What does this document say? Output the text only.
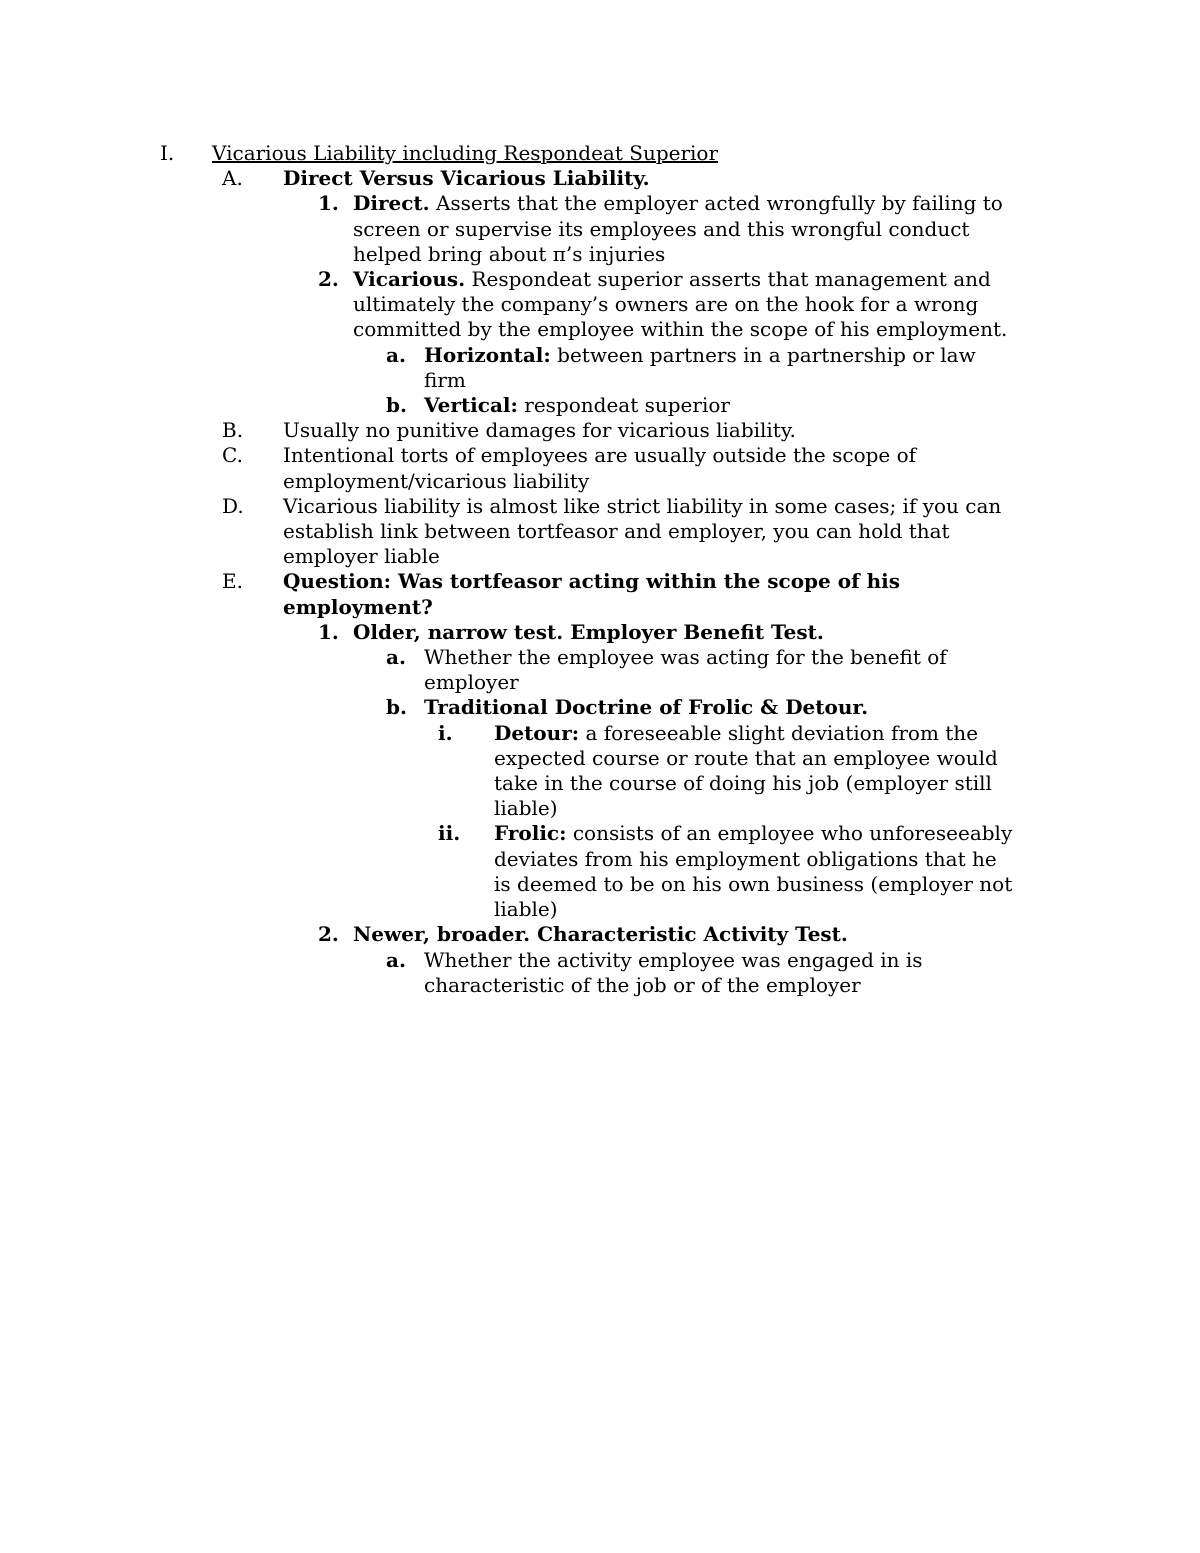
I. Vicarious Liability including Respondeat Superior
A. Direct Versus Vicarious Liability.
1. Direct. Asserts that the employer acted wrongfully by failing to
screen or supervise its employees and this wrongful conduct
helped bring about π’s injuries
2. Vicarious. Respondeat superior asserts that management and
ultimately the company’s owners are on the hook for a wrong
committed by the employee within the scope of his employment.
a. Horizontal: between partners in a partnership or law
firm
b. Vertical: respondeat superior
B. Usually no punitive damages for vicarious liability.
C. Intentional torts of employees are usually outside the scope of
employment/vicarious liability
D. Vicarious liability is almost like strict liability in some cases; if you can
establish link between tortfeasor and employer, you can hold that
employer liable
E. Question: Was tortfeasor acting within the scope of his
employment?
1. Older, narrow test. Employer Benefit Test.
a. Whether the employee was acting for the benefit of
employer
b. Traditional Doctrine of Frolic & Detour.
i. Detour: a foreseeable slight deviation from the
expected course or route that an employee would
take in the course of doing his job (employer still
liable)
ii. Frolic: consists of an employee who unforeseeably
deviates from his employment obligations that he
is deemed to be on his own business (employer not
liable)
2. Newer, broader. Characteristic Activity Test.
a. Whether the activity employee was engaged in is
characteristic of the job or of the employer
